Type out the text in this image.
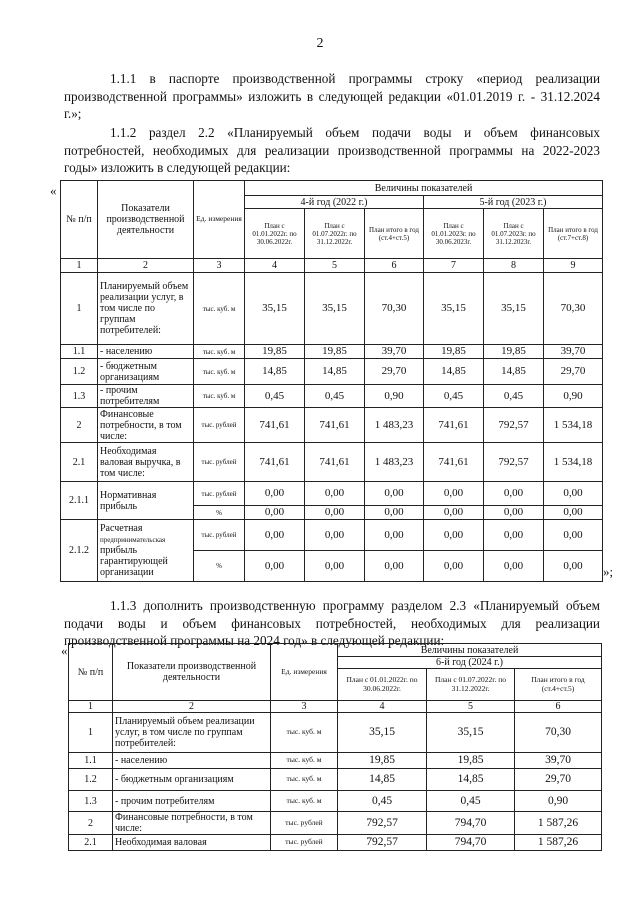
2
1.1.1 в паспорте производственной программы строку «период реализации производственной программы» изложить в следующей редакции «01.01.2019 г. - 31.12.2024 г.»;
1.1.2 раздел 2.2 «Планируемый объем подачи воды и объем финансовых потребностей, необходимых для реализации производственной программы на 2022-2023 годы» изложить в следующей редакции:
«
№ п/п	Показатели производственной деятельности	Ед. измерения	Величины показателей					
			4-й год (2022 г.)			5-й год (2023 г.)		
			План с 01.01.2022г. по 30.06.2022г.	План с 01.07.2022г. по 31.12.2022г.	План итого в год (ст.4+ст.5)	План с 01.01.2023г. по 30.06.2023г.	План с 01.07.2023г. по 31.12.2023г.	План итого в год (ст.7+ст.8)
1	2	3	4	5	6	7	8	9
1	Планируемый объем реализации услуг, в том числе по группам потребителей:	тыс. куб. м	35,15	35,15	70,30	35,15	35,15	70,30
1.1	- населению	тыс. куб. м	19,85	19,85	39,70	19,85	19,85	39,70
1.2	- бюджетным организациям	тыс. куб. м	14,85	14,85	29,70	14,85	14,85	29,70
1.3	- прочим потребителям	тыс. куб. м	0,45	0,45	0,90	0,45	0,45	0,90
2	Финансовые потребности, в том числе:	тыс. рублей	741,61	741,61	1 483,23	741,61	792,57	1 534,18
2.1	Необходимая валовая выручка, в том числе:	тыс. рублей	741,61	741,61	1 483,23	741,61	792,57	1 534,18
2.1.1	Нормативная прибыль	тыс. рублей	0,00	0,00	0,00	0,00	0,00	0,00
		%	0,00	0,00	0,00	0,00	0,00	0,00
2.1.2	Расчетная
предпринимательская
прибыль гарантирующей организации	тыс. рублей	0,00	0,00	0,00	0,00	0,00	0,00
		%	0,00	0,00	0,00	0,00	0,00	0,00 »;
1.1.3 дополнить производственную программу разделом 2.3 «Планируемый объем подачи воды и объем финансовых потребностей, необходимых для реализации производственной программы на 2024 год» в следующей редакции:
«
№ п/п	Показатели производственной деятельности	Ед. измерения	Величины показателей		
			6-й год (2024 г.)		
			План с 01.01.2022г. по 30.06.2022г.	План с 01.07.2022г. по 31.12.2022г.	План итого в год (ст.4+ст.5)
1	2	3	4	5	6
1	Планируемый объем реализации услуг, в том числе по группам потребителей:	тыс. куб. м	35,15	35,15	70,30
1.1	- населению	тыс. куб. м	19,85	19,85	39,70
1.2	- бюджетным организациям	тыс. куб. м	14,85	14,85	29,70
1.3	- прочим потребителям	тыс. куб. м	0,45	0,45	0,90
2	Финансовые потребности, в том числе:	тыс. рублей	792,57	794,70	1 587,26
2.1	Необходимая валовая	тыс. рублей	792,57	794,70	1 587,26
